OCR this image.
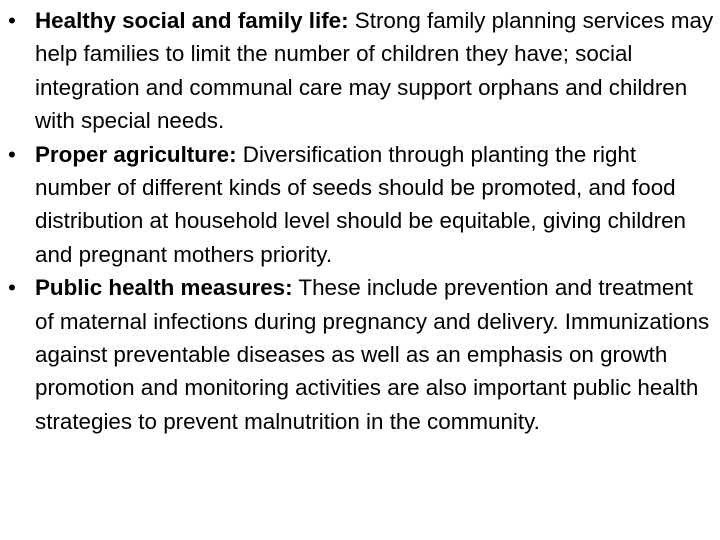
• Healthy social and family life: Strong family planning services may help families to limit the number of children they have; social integration and communal care may support orphans and children with special needs.
• Proper agriculture: Diversification through planting the right number of different kinds of seeds should be promoted, and food distribution at household level should be equitable, giving children and pregnant mothers priority.
• Public health measures: These include prevention and treatment of maternal infections during pregnancy and delivery. Immunizations against preventable diseases as well as an emphasis on growth promotion and monitoring activities are also important public health strategies to prevent malnutrition in the community.
